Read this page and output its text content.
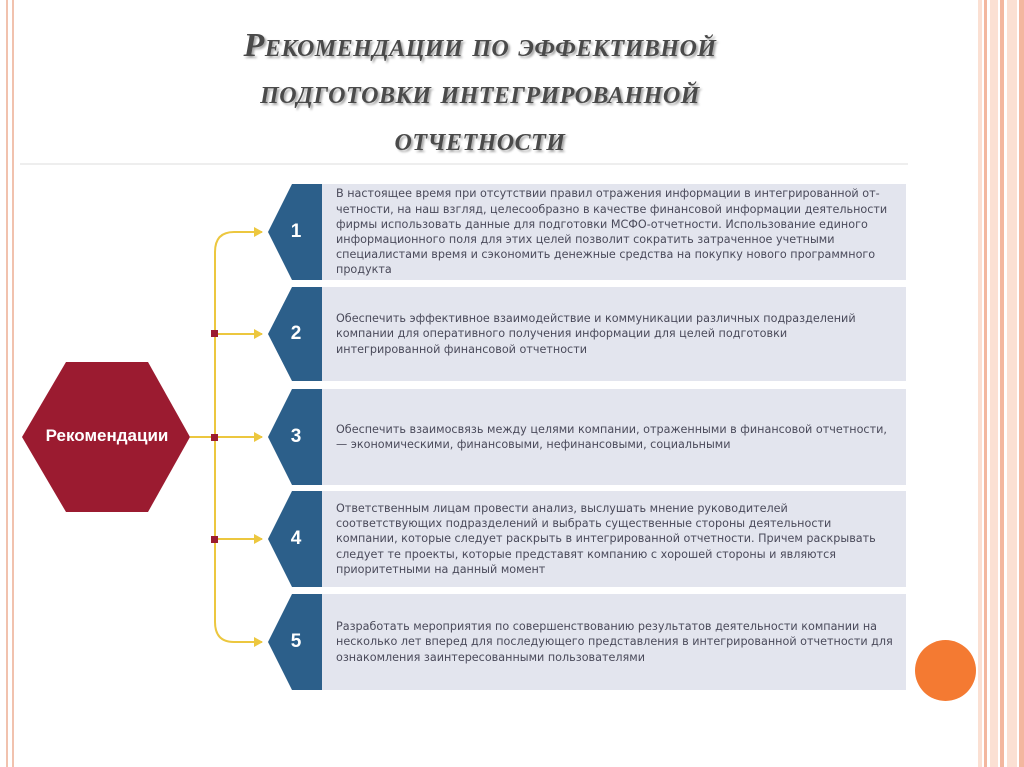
Рекомендации по эффективной
подготовки интегрированной
отчетности
Рекомендации
1
2
3
4
5
В настоящее время при отсутствии правил отражения информации в интегрированной от-четности, на наш взгляд, целесообразно в качестве финансовой информации деятельности фирмы использовать данные для подготовки МСФО-отчетности. Использование единого информационного поля для этих целей позволит сократить затраченное учетными специалистами время и сэкономить денежные средства на покупку нового программного продукта
Обеспечить эффективное взаимодействие и коммуникации различных подразделений компании для оперативного получения информации для целей подготовки интегрированной финансовой отчетности
Обеспечить взаимосвязь между целями компании, отраженными в финансовой отчетности, — экономическими, финансовыми, нефинансовыми, социальными
Ответственным лицам провести анализ, выслушать мнение руководителей соответствующих подразделений и выбрать существенные стороны деятельности компании, которые следует раскрыть в интегрированной отчетности. Причем раскрывать следует те проекты, которые представят компанию с хорошей стороны и являются приоритетными на данный момент
Разработать мероприятия по совершенствованию результатов деятельности компании на несколько лет вперед для последующего представления в интегрированной отчетности для ознакомления заинтересованными пользователями
